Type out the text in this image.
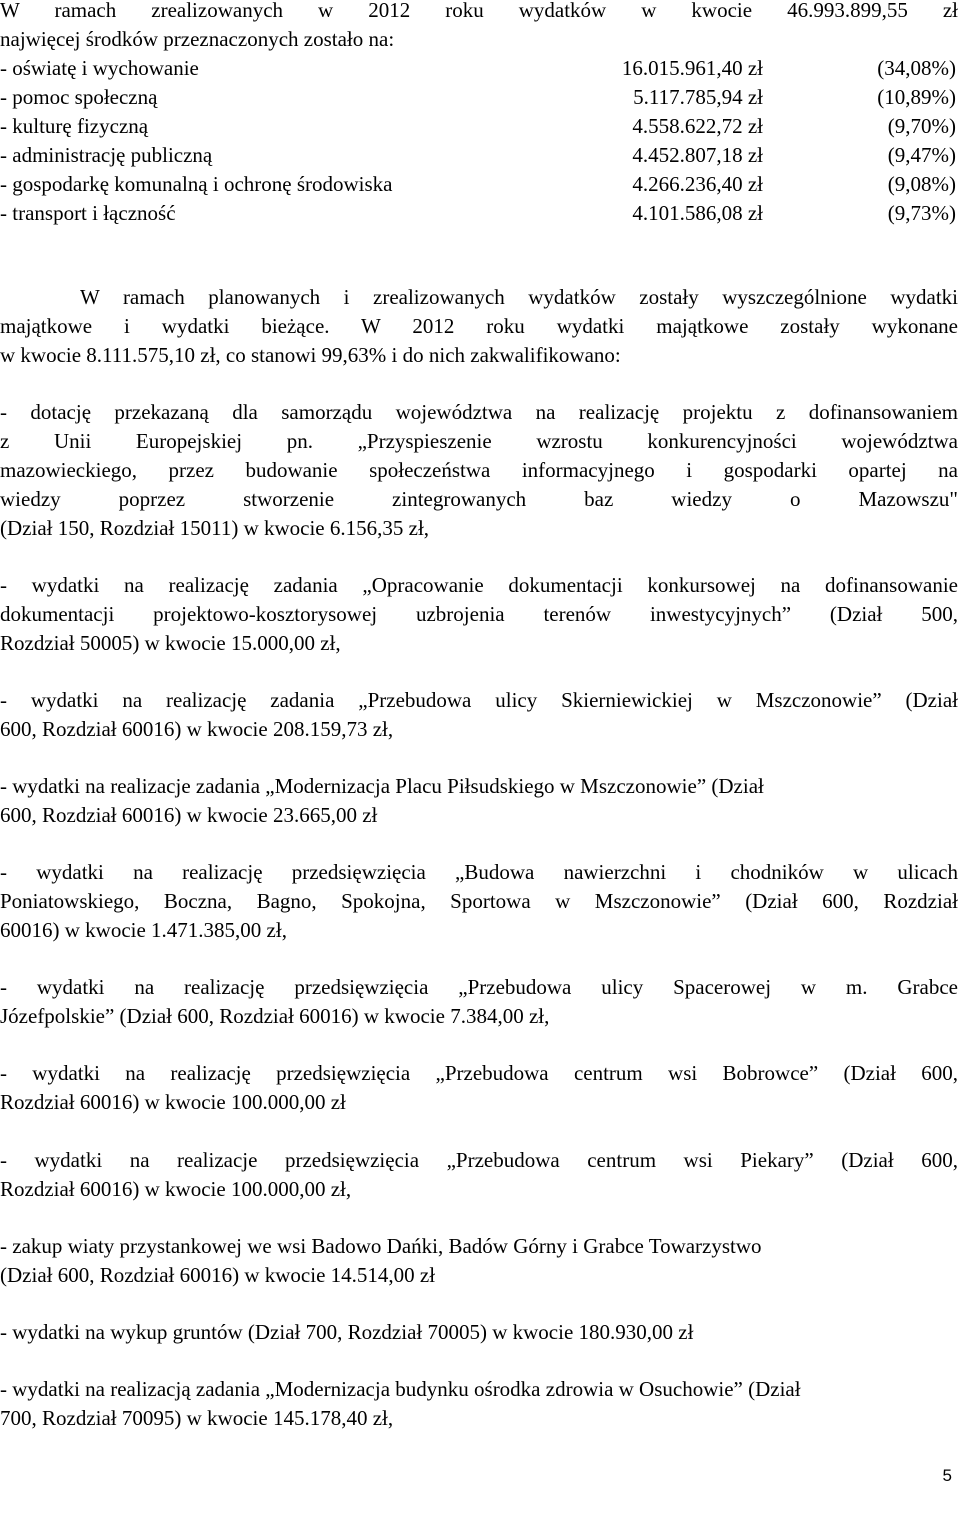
W ramach zrealizowanych w 2012 roku wydatków w kwocie 46.993.899,55 zł
najwięcej środków przeznaczonych zostało na:
- oświatę i wychowanie	16.015.961,40 zł	(34,08%)
- pomoc społeczną	5.117.785,94 zł	(10,89%)
- kulturę fizyczną	4.558.622,72 zł	(9,70%)
- administrację publiczną	4.452.807,18 zł	(9,47%)
- gospodarkę komunalną i ochronę środowiska	4.266.236,40 zł	(9,08%)
- transport i łączność	4.101.586,08 zł	(9,73%)
W ramach planowanych i zrealizowanych wydatków zostały wyszczególnione wydatki
majątkowe i wydatki bieżące. W 2012 roku wydatki majątkowe zostały wykonane
w kwocie 8.111.575,10 zł, co stanowi 99,63% i do nich zakwalifikowano:
- dotację przekazaną dla samorządu województwa na realizację projektu z dofinansowaniem
z Unii Europejskiej pn. „Przyspieszenie wzrostu konkurencyjności województwa
mazowieckiego, przez budowanie społeczeństwa informacyjnego i gospodarki opartej na
wiedzy poprzez stworzenie zintegrowanych baz wiedzy o Mazowszu"
(Dział 150, Rozdział 15011) w kwocie 6.156,35 zł,
- wydatki na realizację zadania „Opracowanie dokumentacji konkursowej na dofinansowanie
dokumentacji projektowo-kosztorysowej uzbrojenia terenów inwestycyjnych” (Dział 500,
Rozdział 50005) w kwocie 15.000,00 zł,
- wydatki na realizację zadania „Przebudowa ulicy Skierniewickiej w Mszczonowie” (Dział
600, Rozdział 60016) w kwocie 208.159,73 zł,
- wydatki na realizacje zadania „Modernizacja Placu Piłsudskiego w Mszczonowie” (Dział
600, Rozdział 60016) w kwocie 23.665,00 zł
- wydatki na realizację przedsięwzięcia „Budowa nawierzchni i chodników w ulicach
Poniatowskiego, Boczna, Bagno, Spokojna, Sportowa w Mszczonowie” (Dział 600, Rozdział
60016) w kwocie 1.471.385,00 zł,
- wydatki na realizację przedsięwzięcia „Przebudowa ulicy Spacerowej w m. Grabce
Józefpolskie” (Dział 600, Rozdział 60016) w kwocie 7.384,00 zł,
- wydatki na realizację przedsięwzięcia „Przebudowa centrum wsi Bobrowce” (Dział 600,
Rozdział 60016) w kwocie 100.000,00 zł
- wydatki na realizacje przedsięwzięcia „Przebudowa centrum wsi Piekary” (Dział 600,
Rozdział 60016) w kwocie 100.000,00 zł,
- zakup wiaty przystankowej we wsi Badowo Dańki, Badów Górny i Grabce Towarzystwo
(Dział 600, Rozdział 60016) w kwocie 14.514,00 zł
- wydatki na wykup gruntów (Dział 700, Rozdział 70005) w kwocie 180.930,00 zł
- wydatki na realizacją zadania „Modernizacja budynku ośrodka zdrowia w Osuchowie” (Dział
700, Rozdział 70095) w kwocie 145.178,40 zł,
5
